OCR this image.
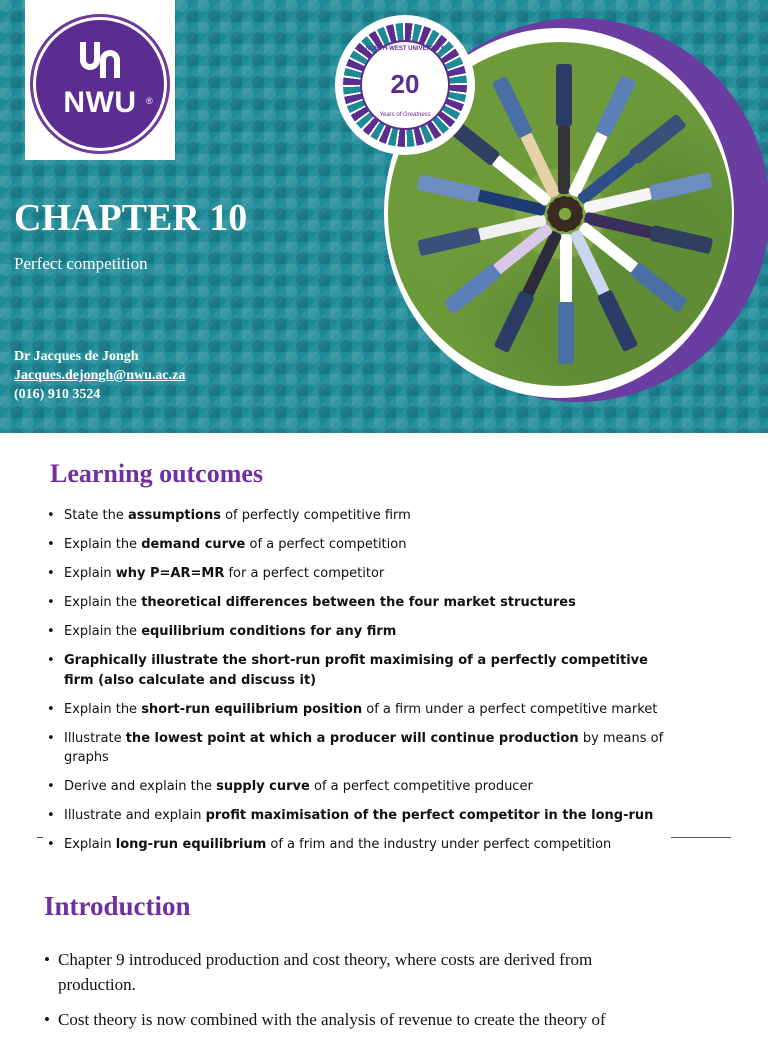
NWU	®
CHAPTER 10

Perfect competition

Dr Jacques de Jongh
Jacques.dejongh@nwu.ac.za
(016) 910 3524
NORTH-WEST UNIVERSITY
20
Years of Greatness
Learning outcomes
• State the assumptions of perfectly competitive firm
• Explain the demand curve of a perfect competition
• Explain why P=AR=MR for a perfect competitor
• Explain the theoretical differences between the four market structures
• Explain the equilibrium conditions for any firm
• Graphically illustrate the short-run profit maximising of a perfectly competitive firm (also calculate and discuss it)
• Explain the short-run equilibrium position of a firm under a perfect competitive market
• Illustrate the lowest point at which a producer will continue production by means of graphs
• Derive and explain the supply curve of a perfect competitive producer
• Illustrate and explain profit maximisation of the perfect competitor in the long-run
• Explain long-run equilibrium of a frim and the industry under perfect competition
Introduction
• Chapter 9 introduced production and cost theory, where costs are derived from production.
• Cost theory is now combined with the analysis of revenue to create the theory of
